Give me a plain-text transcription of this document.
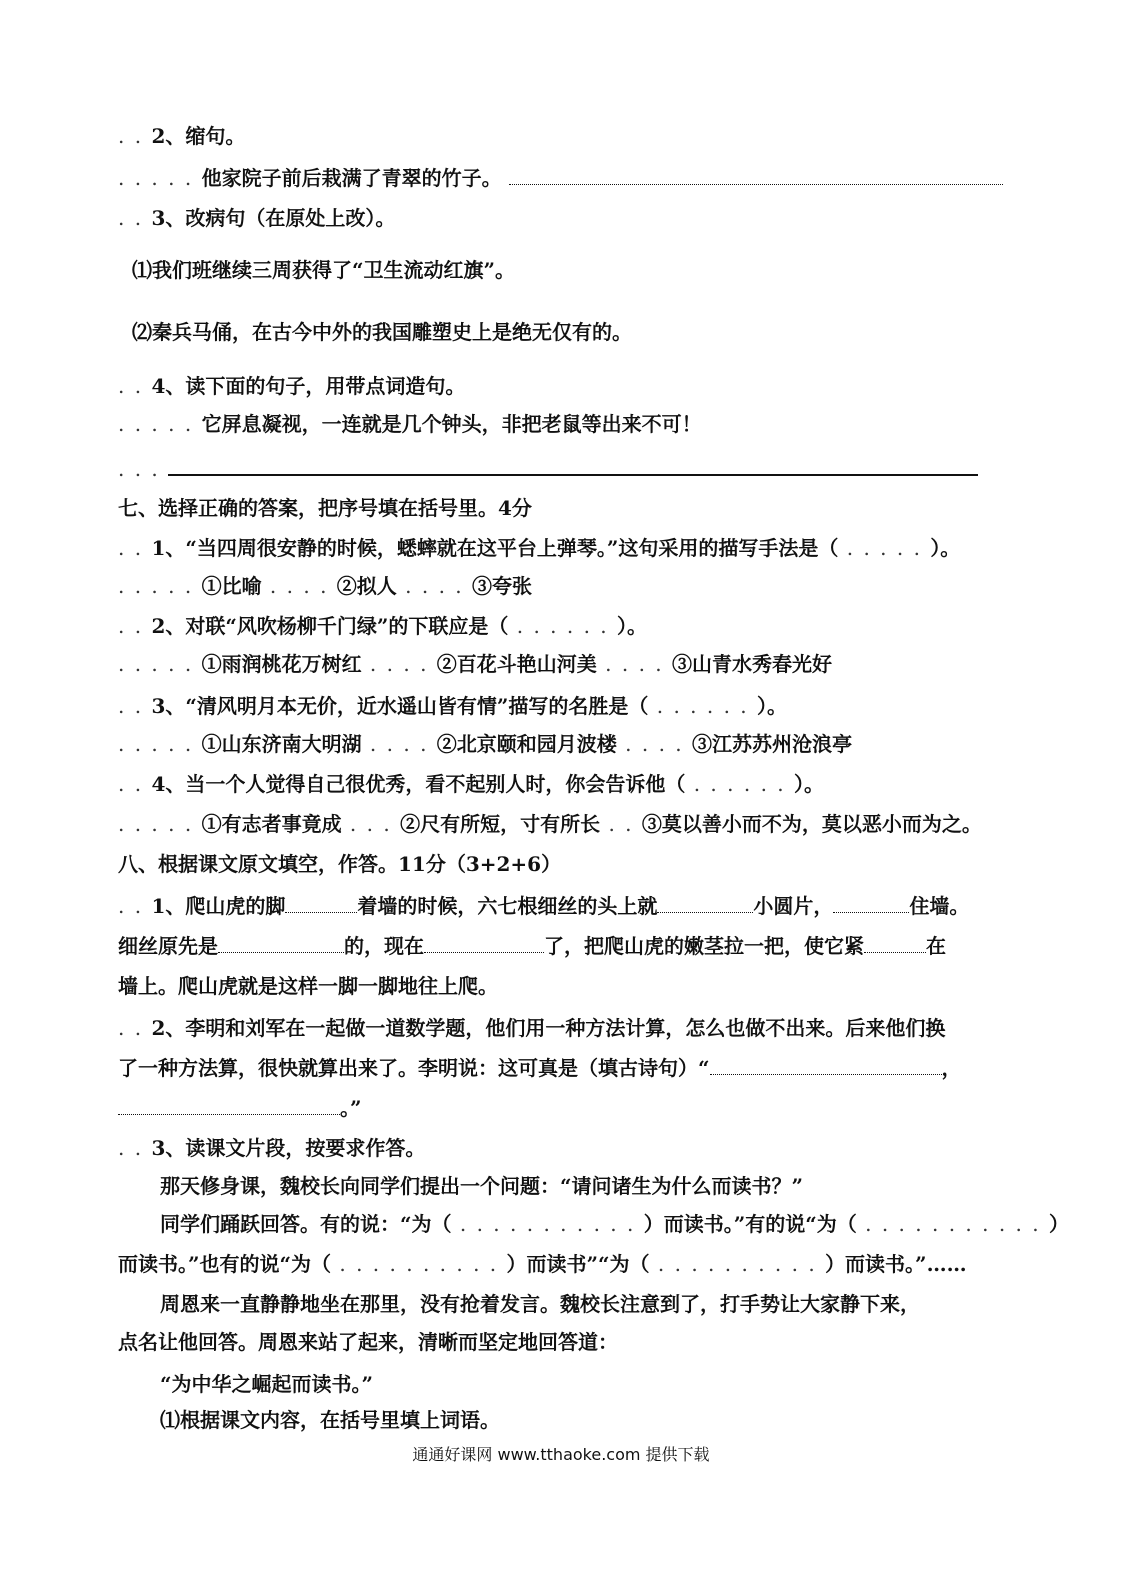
. . 2、缩句。
. . . . . 他家院子前后栽满了青翠的竹子。
. . 3、改病句（在原处上改）。
⑴我们班继续三周获得了“卫生流动红旗”。
⑵秦兵马俑，在古今中外的我国雕塑史上是绝无仅有的。
. . 4、读下面的句子，用带点词造句。
. . . . . 它屏息凝视，一连就是几个钟头，非把老鼠等出来不可！
. . .
七、选择正确的答案，把序号填在括号里。4分
. . 1、“当四周很安静的时候，蟋蟀就在这平台上弹琴。”这句采用的描写手法是（ . . . . . ）。
. . . . . ①比喻 . . . . ②拟人 . . . . ③夸张
. . 2、对联“风吹杨柳千门绿”的下联应是（ . . . . . . ）。
. . . . . ①雨润桃花万树红 . . . . ②百花斗艳山河美 . . . . ③山青水秀春光好
. . 3、“清风明月本无价，近水遥山皆有情”描写的名胜是（ . . . . . . ）。
. . . . . ①山东济南大明湖 . . . . ②北京颐和园月波楼 . . . . ③江苏苏州沧浪亭
. . 4、当一个人觉得自己很优秀，看不起别人时，你会告诉他（ . . . . . . ）。
. . . . . ①有志者事竟成 . . . ②尺有所短，寸有所长 . . ③莫以善小而不为，莫以恶小而为之。
八、根据课文原文填空，作答。11分（3+2+6）
. . 1、爬山虎的脚	着墙的时候，六七根细丝的头上就	小圆片，	住墙。
细丝原先是	的，现在	了，把爬山虎的嫩茎拉一把，使它紧	在
墙上。爬山虎就是这样一脚一脚地往上爬。
. . 2、李明和刘军在一起做一道数学题，他们用一种方法计算，怎么也做不出来。后来他们换
了一种方法算，很快就算出来了。李明说：这可真是（填古诗句）“	，
。”
. . 3、读课文片段，按要求作答。
那天修身课，魏校长向同学们提出一个问题：“请问诸生为什么而读书？”
同学们踊跃回答。有的说：“为（ . . . . . . . . . . . ）而读书。”有的说“为（ . . . . . . . . . . . ）
而读书。”也有的说“为（ . . . . . . . . . . ）而读书”“为（ . . . . . . . . . . ）而读书。”……
周恩来一直静静地坐在那里，没有抢着发言。魏校长注意到了，打手势让大家静下来，
点名让他回答。周恩来站了起来，清晰而坚定地回答道：
“为中华之崛起而读书。”
⑴根据课文内容，在括号里填上词语。
通通好课网 www.tthaoke.com 提供下载
